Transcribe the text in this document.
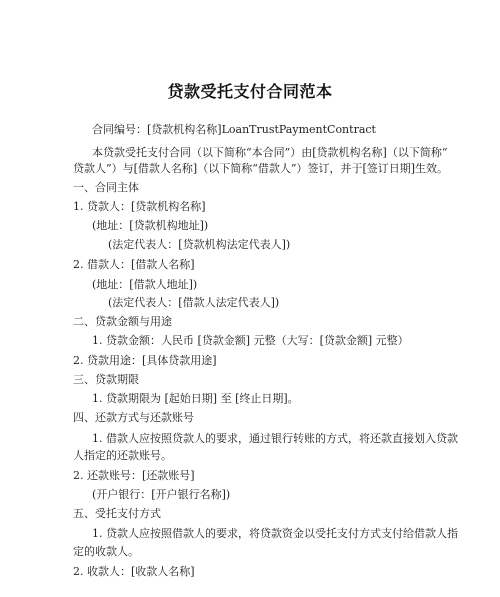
贷款受托支付合同范本
合同编号：[贷款机构名称]LoanTrustPaymentContract
本贷款受托支付合同（以下简称“本合同”）由[贷款机构名称]（以下简称“
贷款人”）与[借款人名称]（以下简称“借款人”）签订，并于[签订日期]生效。
一、合同主体
1. 贷款人：[贷款机构名称]
(地址：[贷款机构地址])
(法定代表人：[贷款机构法定代表人])
2. 借款人：[借款人名称]
(地址：[借款人地址])
(法定代表人：[借款人法定代表人])
二、贷款金额与用途
1. 贷款金额：人民币 [贷款金额] 元整（大写：[贷款金额] 元整）
2. 贷款用途：[具体贷款用途]
三、贷款期限
1. 贷款期限为 [起始日期] 至 [终止日期]。
四、还款方式与还款账号
1. 借款人应按照贷款人的要求，通过银行转账的方式，将还款直接划入贷款
人指定的还款账号。
2. 还款账号：[还款账号]
(开户银行：[开户银行名称])
五、受托支付方式
1. 贷款人应按照借款人的要求，将贷款资金以受托支付方式支付给借款人指
定的收款人。
2. 收款人：[收款人名称]
